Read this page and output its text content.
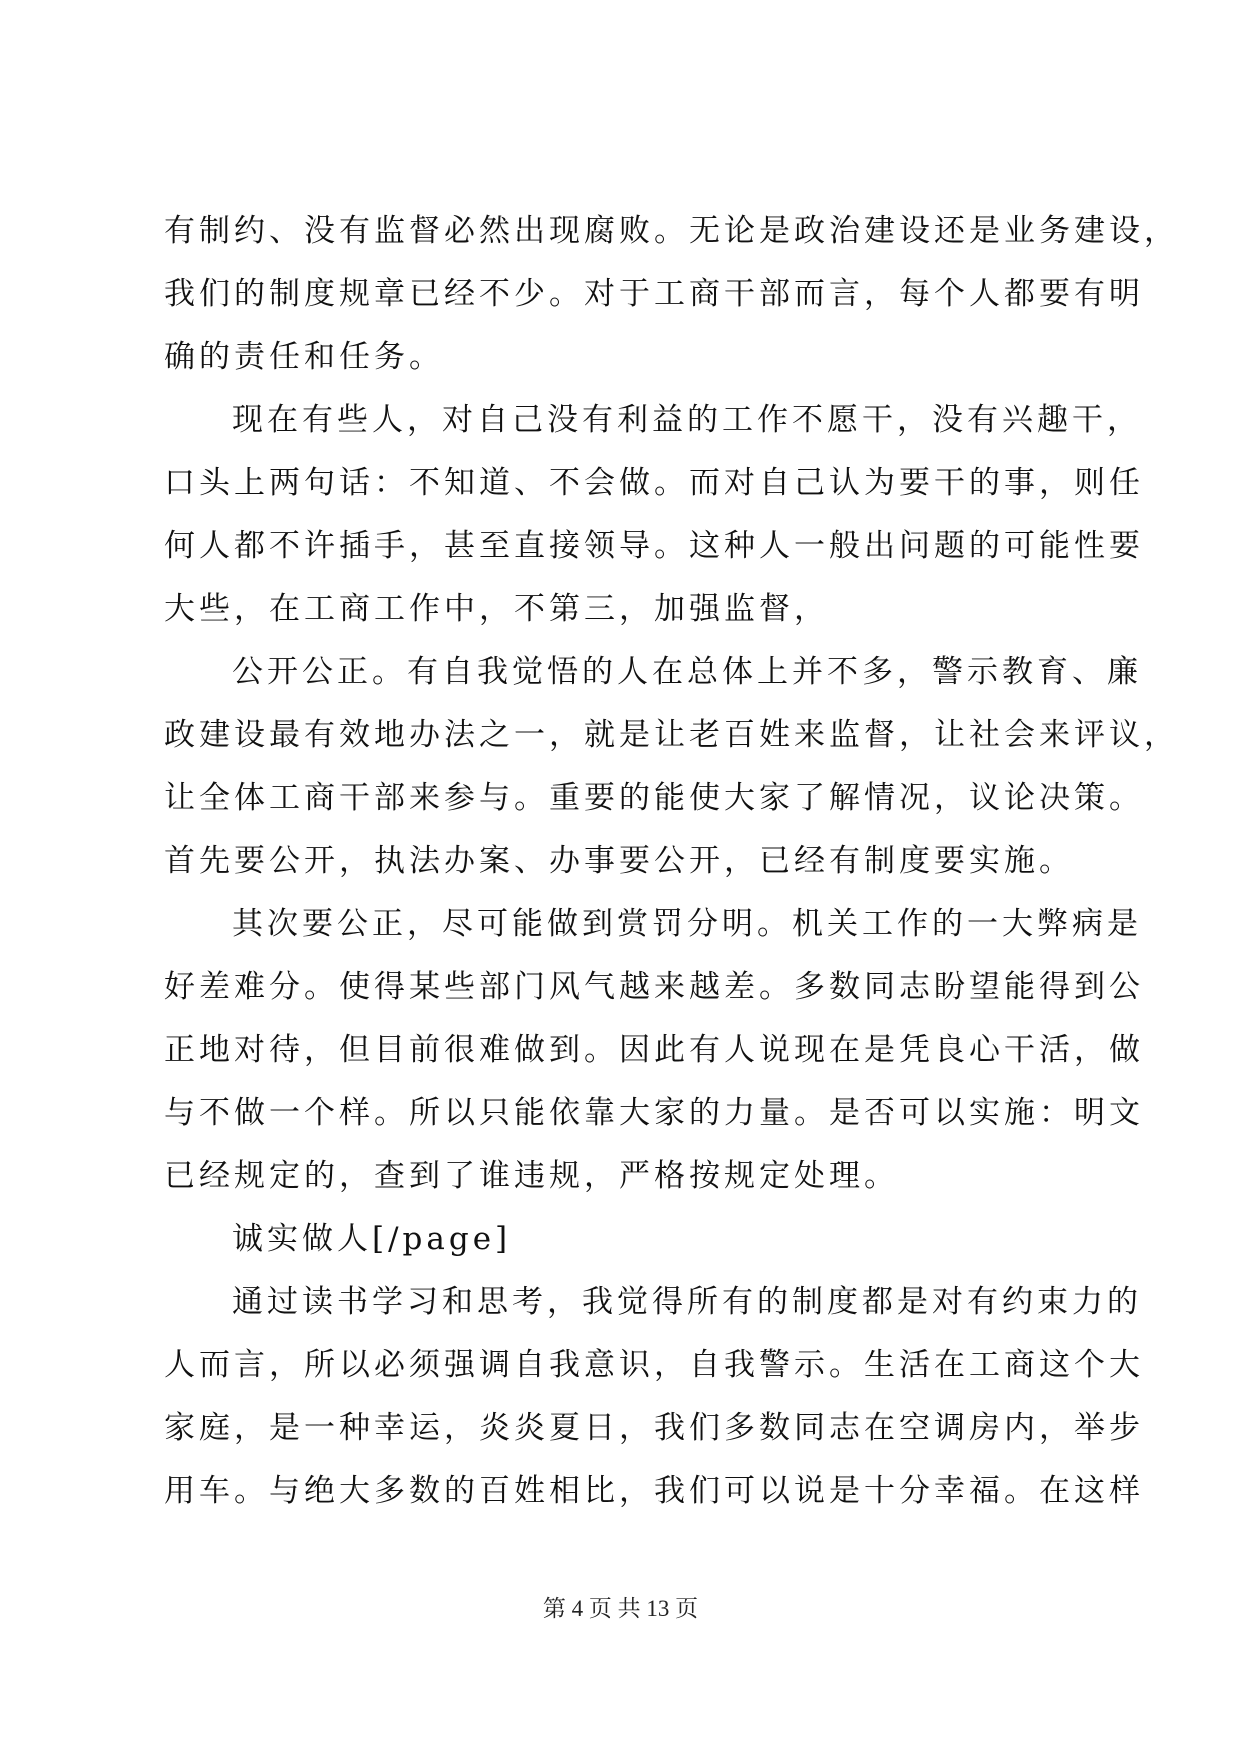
有制约、没有监督必然出现腐败。无论是政治建设还是业务建设，
我们的制度规章已经不少。对于工商干部而言，每个人都要有明
确的责任和任务。
现在有些人，对自己没有利益的工作不愿干，没有兴趣干，
口头上两句话：不知道、不会做。而对自己认为要干的事，则任
何人都不许插手，甚至直接领导。这种人一般出问题的可能性要
大些，在工商工作中，不第三，加强监督，
公开公正。有自我觉悟的人在总体上并不多，警示教育、廉
政建设最有效地办法之一，就是让老百姓来监督，让社会来评议，
让全体工商干部来参与。重要的能使大家了解情况，议论决策。
首先要公开，执法办案、办事要公开，已经有制度要实施。
其次要公正，尽可能做到赏罚分明。机关工作的一大弊病是
好差难分。使得某些部门风气越来越差。多数同志盼望能得到公
正地对待，但目前很难做到。因此有人说现在是凭良心干活，做
与不做一个样。所以只能依靠大家的力量。是否可以实施：明文
已经规定的，查到了谁违规，严格按规定处理。
诚实做人[/page]
通过读书学习和思考，我觉得所有的制度都是对有约束力的
人而言，所以必须强调自我意识，自我警示。生活在工商这个大
家庭，是一种幸运，炎炎夏日，我们多数同志在空调房内，举步
用车。与绝大多数的百姓相比，我们可以说是十分幸福。在这样
第 4 页 共 13 页
